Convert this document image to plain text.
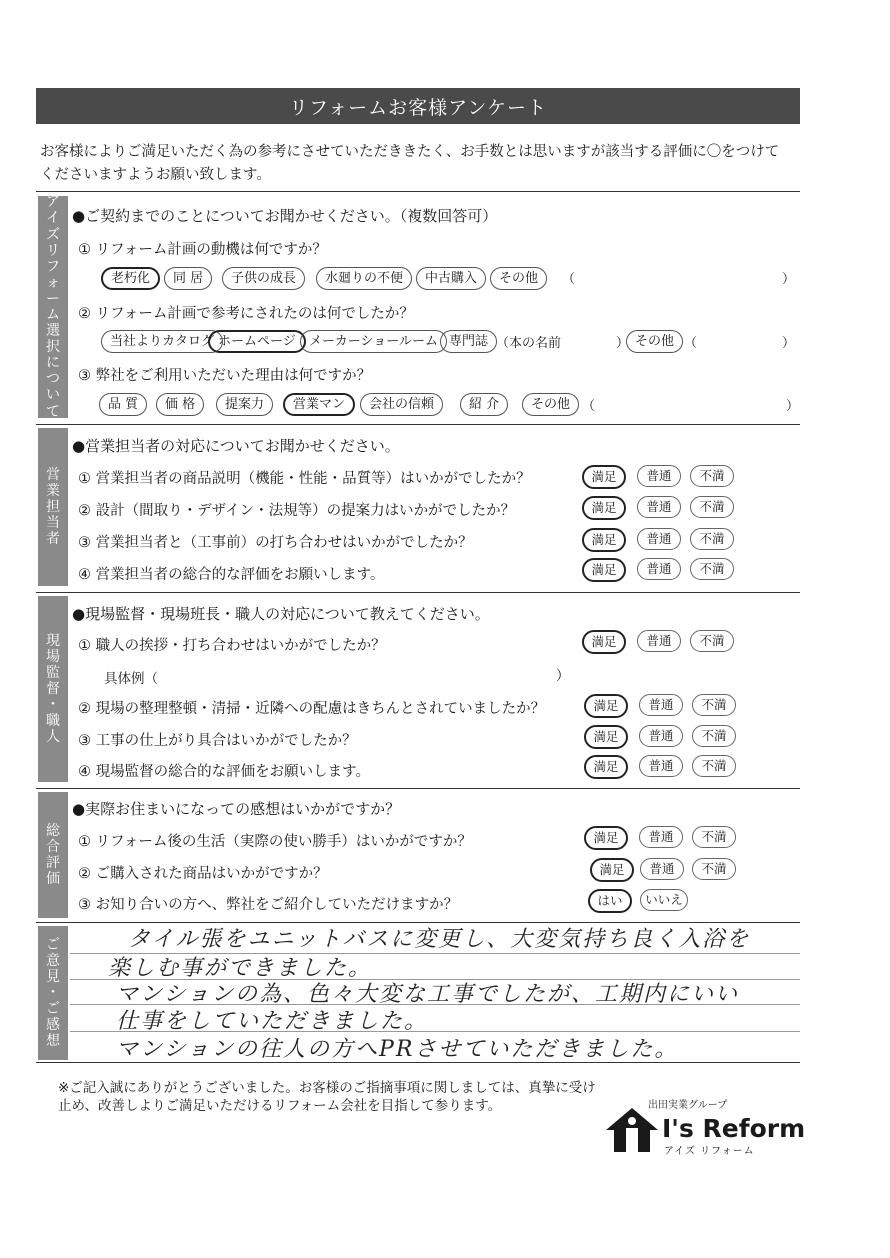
リフォームお客様アンケート
お客様によりご満足いただく為の参考にさせていただききたく、お手数とは思いますが該当する評価に〇をつけて
くださいますようお願い致します。
ア
イ
ズ
リ
フ
ォ
ー
ム
選
択
に
つ
い
て
●ご契約までのことについてお聞かせください。（複数回答可）
① リフォーム計画の動機は何ですか？
老朽化	同 居	子供の成長	水廻りの不便	中古購入	その他	（	）
② リフォーム計画で参考にされたのは何でしたか？
当社よりカタログ ホームページ	メーカーショールーム 専門誌 （本の名前	） その他 （	）
③ 弊社をご利用いただいた理由は何ですか？
品 質	価 格	提案力	営業マン	会社の信頼	紹 介	その他 （	）
営
業
担
当
者
●営業担当者の対応についてお聞かせください。
① 営業担当者の商品説明（機能・性能・品質等）はいかがでしたか？	満足	普通	不満
② 設計（間取り・デザイン・法規等）の提案力はいかがでしたか？	満足	普通	不満
③ 営業担当者と（工事前）の打ち合わせはいかがでしたか？	満足	普通	不満
④ 営業担当者の総合的な評価をお願いします。	満足	普通	不満
現
場
監
督
・
職
人
●現場監督・現場班長・職人の対応について教えてください。
① 職人の挨拶・打ち合わせはいかがでしたか？	満足	普通	不満
具体例（	）
② 現場の整理整頓・清掃・近隣への配慮はきちんとされていましたか？	満足	普通	不満
③ 工事の仕上がり具合はいかがでしたか？	満足	普通	不満
④ 現場監督の総合的な評価をお願いします。	満足	普通	不満
総
合
評
価
●実際お住まいになっての感想はいかがですか？
① リフォーム後の生活（実際の使い勝手）はいかがですか？	満足	普通	不満
② ご購入された商品はいかがですか？	満足	普通	不満
③ お知り合いの方へ、弊社をご紹介していただけますか？	はい	いいえ
ご
意
見
・
ご
感
想
タイル張をユニットバスに変更し、大変気持ち良く入浴を
楽しむ事ができました。
マンションの為、色々大変な工事でしたが、工期内にいい
仕事をしていただきました。
マンションの往人の方へPRさせていただきました。
※ご記入誠にありがとうございました。お客様のご指摘事項に関しましては、真摯に受け
止め、改善しよりご満足いただけるリフォーム会社を目指して参ります。	出田実業グループ
I's Reform
アイズ リフォーム
